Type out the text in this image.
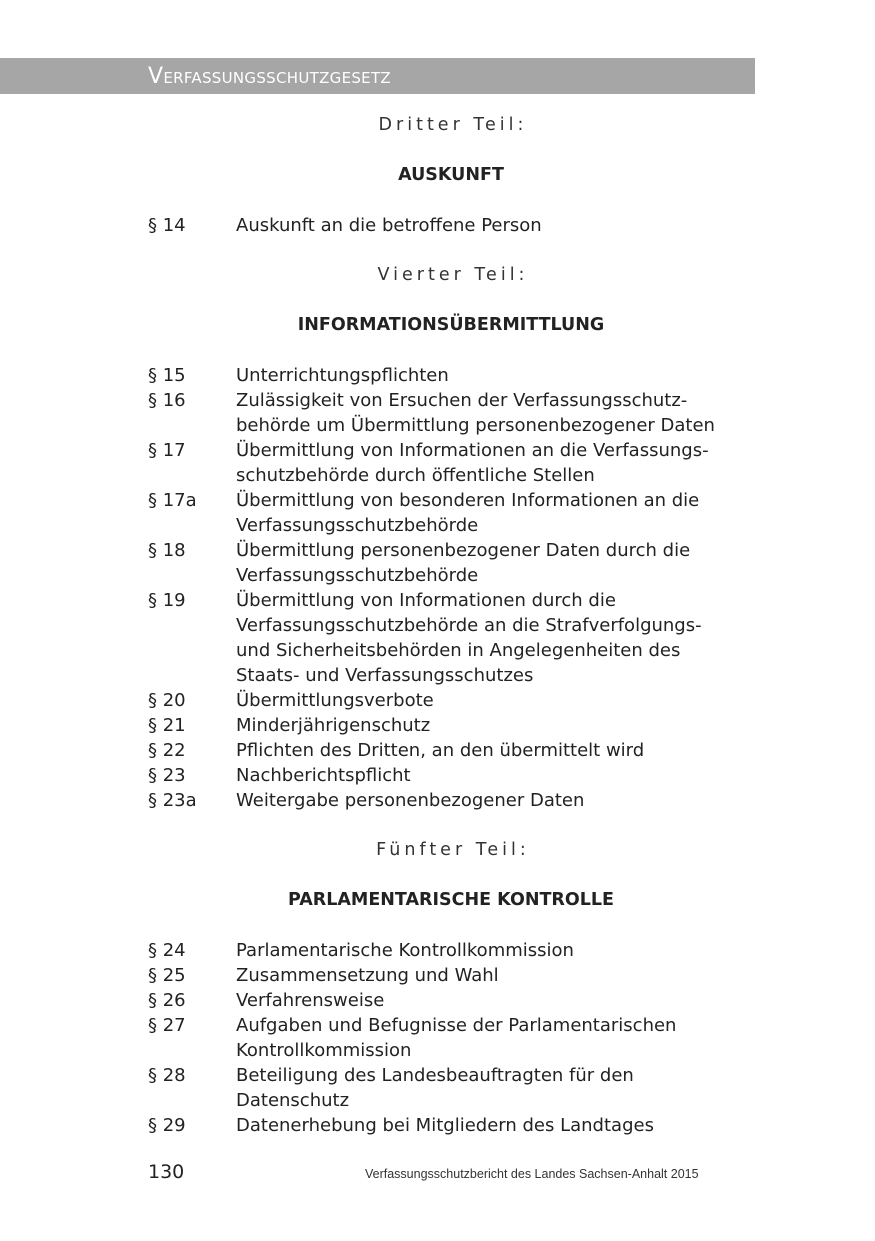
Verfassungsschutzgesetz
Dritter Teil:
AUSKUNFT
§ 14	Auskunft an die betroffene Person
Vierter Teil:
INFORMATIONSÜBERMITTLUNG
§ 15	Unterrichtungspflichten
§ 16	Zulässigkeit von Ersuchen der Verfassungsschutz-
behörde um Übermittlung personenbezogener Daten
§ 17	Übermittlung von Informationen an die Verfassungs-
schutzbehörde durch öffentliche Stellen
§ 17a	Übermittlung von besonderen Informationen an die
Verfassungsschutzbehörde
§ 18	Übermittlung personenbezogener Daten durch die
Verfassungsschutzbehörde
§ 19	Übermittlung von Informationen durch die
Verfassungsschutzbehörde an die Strafverfolgungs-
und Sicherheitsbehörden in Angelegenheiten des
Staats- und Verfassungsschutzes
§ 20	Übermittlungsverbote
§ 21	Minderjährigenschutz
§ 22	Pflichten des Dritten, an den übermittelt wird
§ 23	Nachberichtspflicht
§ 23a	Weitergabe personenbezogener Daten
Fünfter Teil:
PARLAMENTARISCHE KONTROLLE
§ 24	Parlamentarische Kontrollkommission
§ 25	Zusammensetzung und Wahl
§ 26	Verfahrensweise
§ 27	Aufgaben und Befugnisse der Parlamentarischen
Kontrollkommission
§ 28	Beteiligung des Landesbeauftragten für den
Datenschutz
§ 29	Datenerhebung bei Mitgliedern des Landtages
130	Verfassungsschutzbericht des Landes Sachsen-Anhalt 2015
